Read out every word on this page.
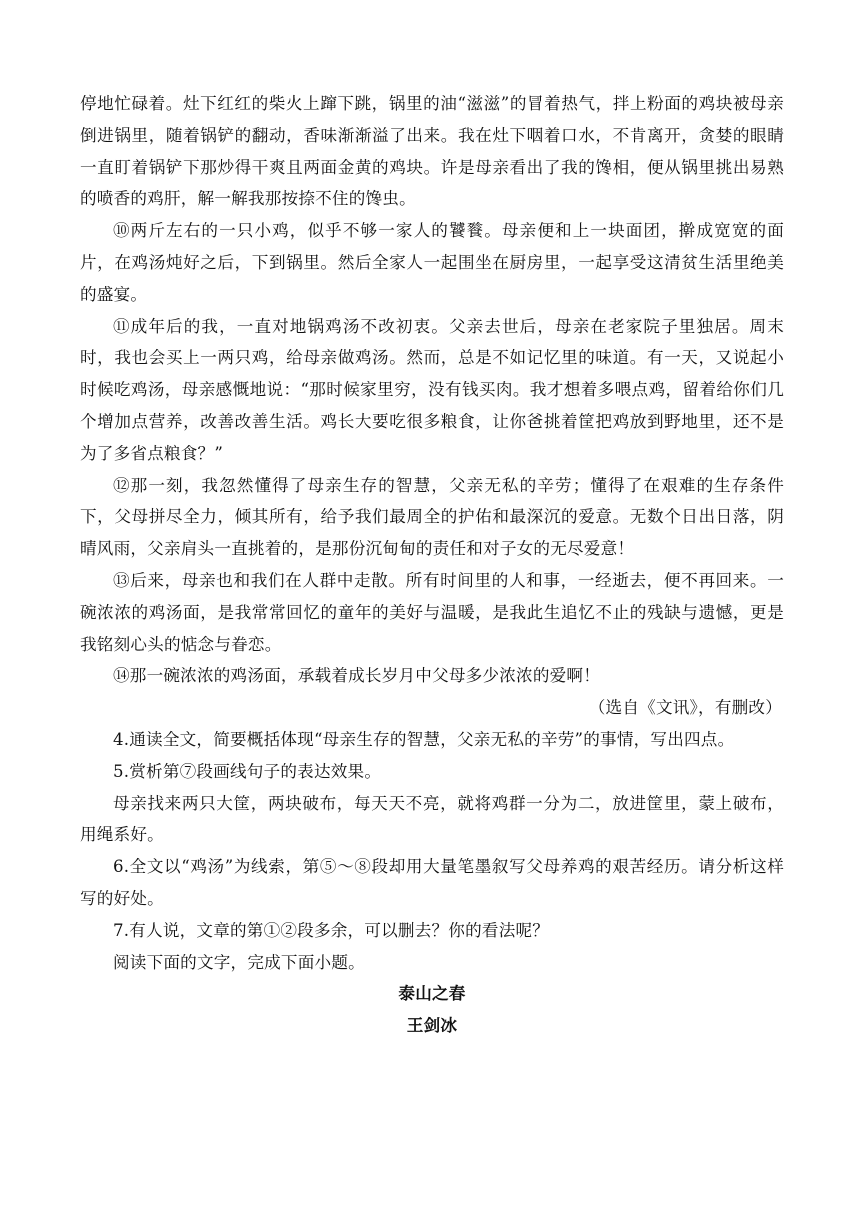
停地忙碌着。灶下红红的柴火上蹿下跳，锅里的油“滋滋”的冒着热气，拌上粉面的鸡块被母亲倒进锅里，随着锅铲的翻动，香味渐渐溢了出来。我在灶下咽着口水，不肯离开，贪婪的眼睛一直盯着锅铲下那炒得干爽且两面金黄的鸡块。许是母亲看出了我的馋相，便从锅里挑出易熟的喷香的鸡肝，解一解我那按捺不住的馋虫。

⑩两斤左右的一只小鸡，似乎不够一家人的饕餮。母亲便和上一块面团，擀成宽宽的面片，在鸡汤炖好之后，下到锅里。然后全家人一起围坐在厨房里，一起享受这清贫生活里绝美的盛宴。

⑪成年后的我，一直对地锅鸡汤不改初衷。父亲去世后，母亲在老家院子里独居。周末时，我也会买上一两只鸡，给母亲做鸡汤。然而，总是不如记忆里的味道。有一天，又说起小时候吃鸡汤，母亲感慨地说：“那时候家里穷，没有钱买肉。我才想着多喂点鸡，留着给你们几个增加点营养，改善改善生活。鸡长大要吃很多粮食，让你爸挑着筐把鸡放到野地里，还不是为了多省点粮食？”

⑫那一刻，我忽然懂得了母亲生存的智慧，父亲无私的辛劳；懂得了在艰难的生存条件下，父母拼尽全力，倾其所有，给予我们最周全的护佑和最深沉的爱意。无数个日出日落，阴晴风雨，父亲肩头一直挑着的，是那份沉甸甸的责任和对子女的无尽爱意！

⑬后来，母亲也和我们在人群中走散。所有时间里的人和事，一经逝去，便不再回来。一碗浓浓的鸡汤面，是我常常回忆的童年的美好与温暖，是我此生追忆不止的残缺与遗憾，更是我铭刻心头的惦念与眷恋。

⑭那一碗浓浓的鸡汤面，承载着成长岁月中父母多少浓浓的爱啊！

（选自《文讯》，有删改）

4.通读全文，简要概括体现“母亲生存的智慧，父亲无私的辛劳”的事情，写出四点。

5.赏析第⑦段画线句子的表达效果。

母亲找来两只大筐，两块破布，每天天不亮，就将鸡群一分为二，放进筐里，蒙上破布，用绳系好。

6.全文以“鸡汤”为线索，第⑤～⑧段却用大量笔墨叙写父母养鸡的艰苦经历。请分析这样写的好处。

7.有人说，文章的第①②段多余，可以删去？你的看法呢？

阅读下面的文字，完成下面小题。

泰山之春

王剑冰
